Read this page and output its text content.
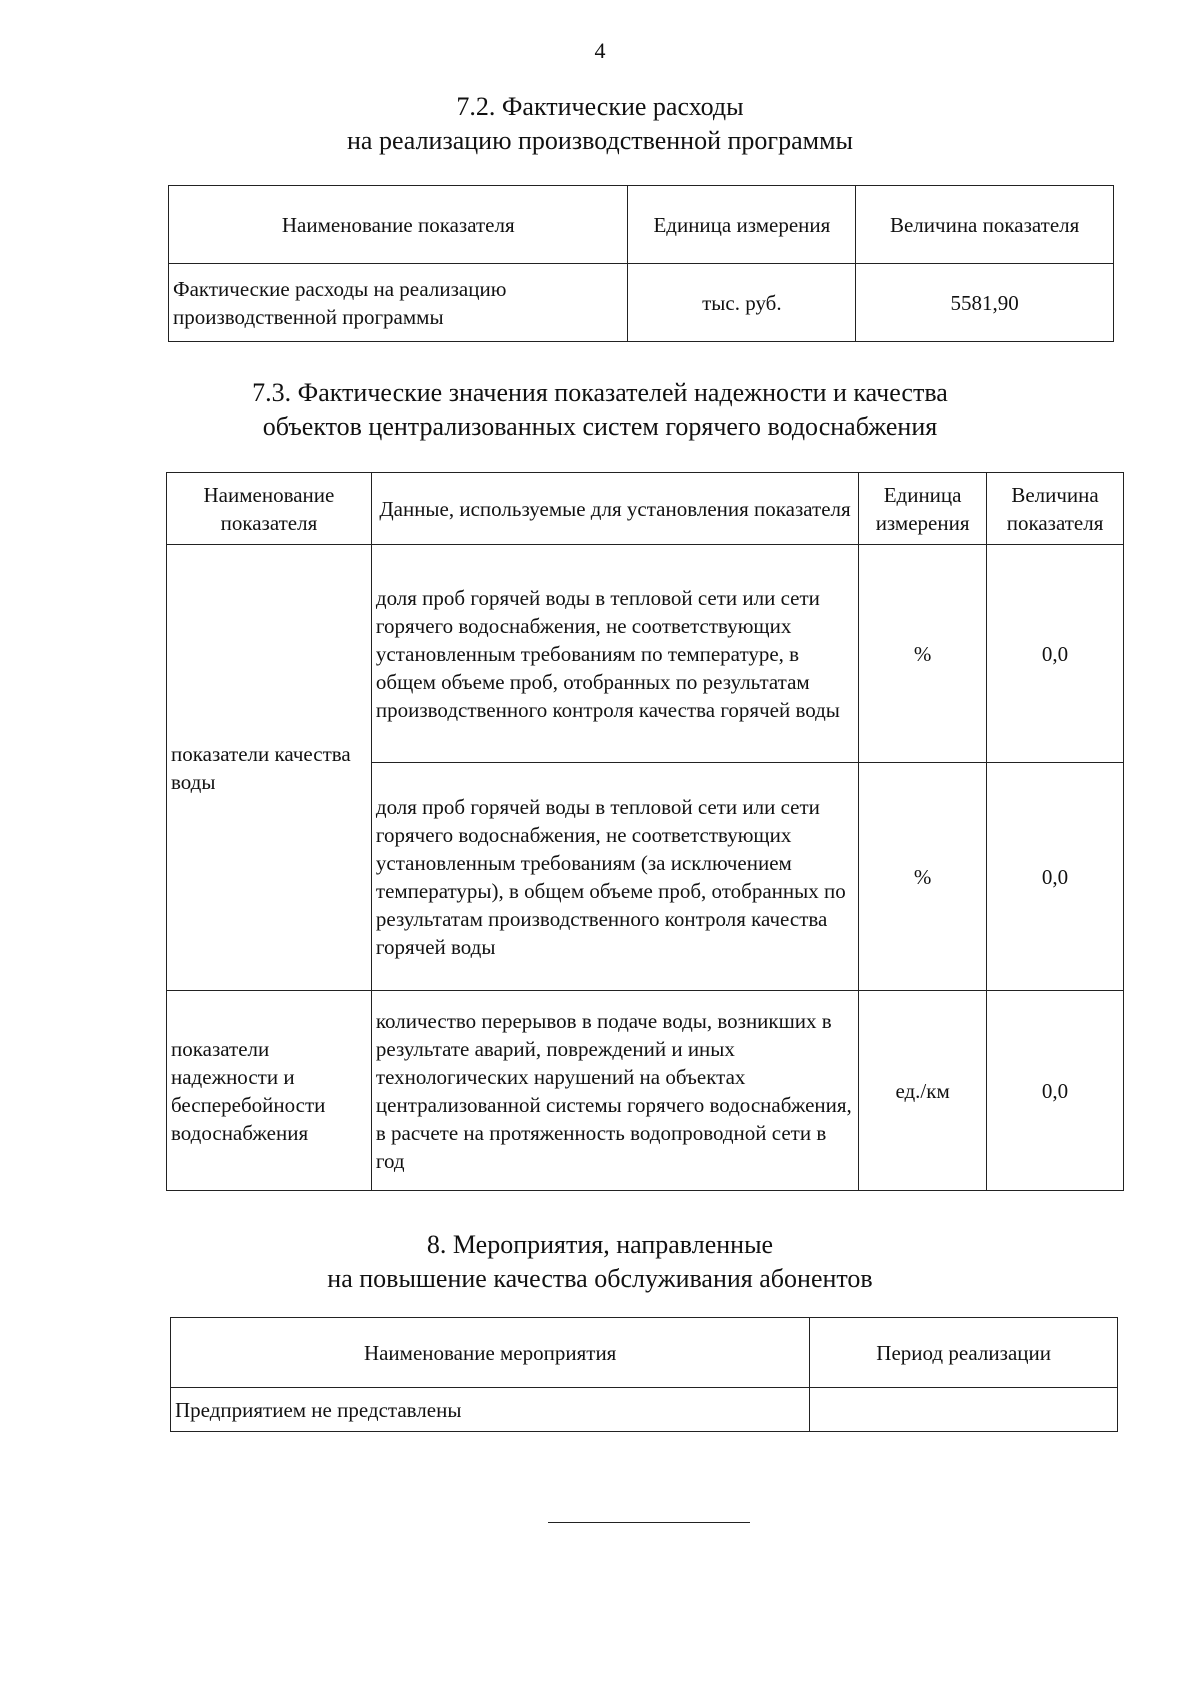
4
7.2. Фактические расходы
на реализацию производственной программы
Наименование показателя	Единица измерения	Величина показателя
Фактические расходы на реализацию производственной программы	тыс. руб.	5581,90
7.3. Фактические значения показателей надежности и качества
объектов централизованных систем горячего водоснабжения
Наименование показателя	Данные, используемые для установления показателя	Единица измерения	Величина показателя
показатели качества воды	доля проб горячей воды в тепловой сети или сети горячего водоснабжения, не соответствующих установленным требованиям по температуре, в общем объеме проб, отобранных по результатам производственного контроля качества горячей воды	%	0,0
	доля проб горячей воды в тепловой сети или сети горячего водоснабжения, не соответствующих установленным требованиям (за исключением температуры), в общем объеме проб, отобранных по результатам производственного контроля качества горячей воды	%	0,0
показатели надежности и бесперебойности водоснабжения	количество перерывов в подаче воды, возникших в результате аварий, повреждений и иных технологических нарушений на объектах централизованной системы горячего водоснабжения, в расчете на протяженность водопроводной сети в год	ед./км	0,0
8. Мероприятия, направленные
на повышение качества обслуживания абонентов
Наименование мероприятия	Период реализации
Предприятием не представлены	
